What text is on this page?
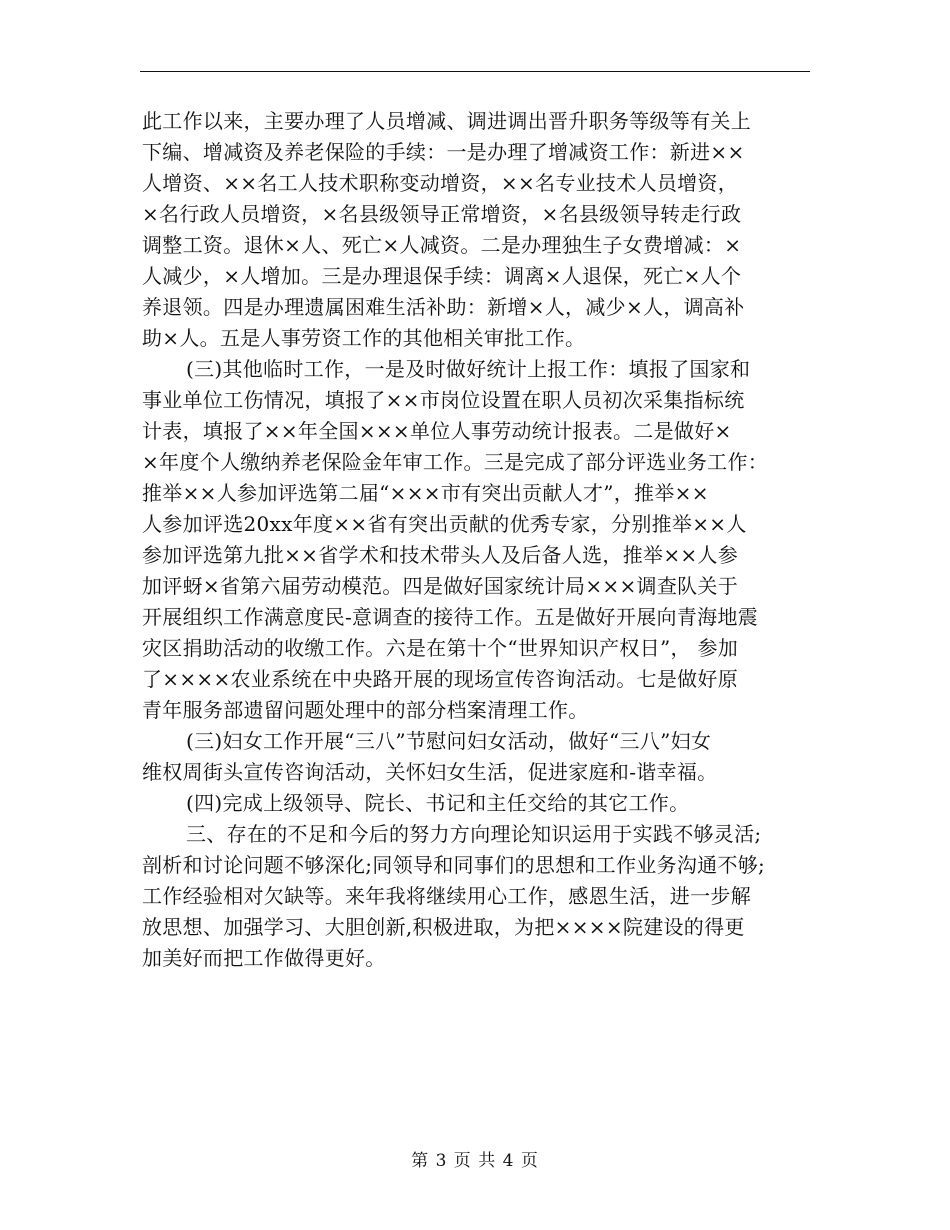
此工作以来，主要办理了人员增减、调进调出晋升职务等级等有关上
下编、增减资及养老保险的手续：一是办理了增减资工作：新进××
人增资、××名工人技术职称变动增资，××名专业技术人员增资，
×名行政人员增资，×名县级领导正常增资，×名县级领导转走行政
调整工资。退休×人、死亡×人减资。二是办理独生子女费增减：×
人减少，×人增加。三是办理退保手续：调离×人退保，死亡×人个
养退领。四是办理遗属困难生活补助：新增×人，减少×人，调高补
助×人。五是人事劳资工作的其他相关审批工作。
(三)其他临时工作，一是及时做好统计上报工作：填报了国家和
事业单位工伤情况，填报了××市岗位设置在职人员初次采集指标统
计表，填报了××年全国×××单位人事劳动统计报表。二是做好×
×年度个人缴纳养老保险金年审工作。三是完成了部分评选业务工作：
推举××人参加评选第二届“×××市有突出贡献人才”，推举××
人参加评选20xx年度××省有突出贡献的优秀专家，分别推举××人
参加评选第九批××省学术和技术带头人及后备人选，推举××人参
加评蚜×省第六届劳动模范。四是做好国家统计局×××调查队关于
开展组织工作满意度民-意调查的接待工作。五是做好开展向青海地震
灾区捐助活动的收缴工作。六是在第十个“世界知识产权日”， 参加
了××××农业系统在中央路开展的现场宣传咨询活动。七是做好原
青年服务部遗留问题处理中的部分档案清理工作。
(三)妇女工作开展“三八”节慰问妇女活动，做好“三八”妇女
维权周街头宣传咨询活动，关怀妇女生活，促进家庭和-谐幸福。
(四)完成上级领导、院长、书记和主任交给的其它工作。
三、存在的不足和今后的努力方向理论知识运用于实践不够灵活;
剖析和讨论问题不够深化;同领导和同事们的思想和工作业务沟通不够;
工作经验相对欠缺等。来年我将继续用心工作，感恩生活，进一步解
放思想、加强学习、大胆创新,积极进取，为把××××院建设的得更
加美好而把工作做得更好。
第 3 页 共 4 页
